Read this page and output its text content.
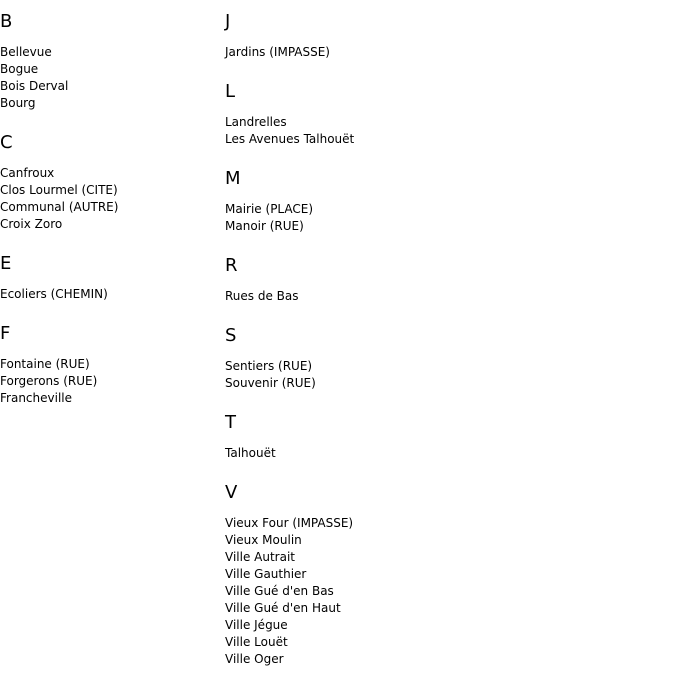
B
Bellevue
Bogue
Bois Derval
Bourg
C
Canfroux
Clos Lourmel (CITE)
Communal (AUTRE)
Croix Zoro
E
Ecoliers (CHEMIN)
F
Fontaine (RUE)
Forgerons (RUE)
Francheville
J
Jardins (IMPASSE)
L
Landrelles
Les Avenues Talhouët
M
Mairie (PLACE)
Manoir (RUE)
R
Rues de Bas
S
Sentiers (RUE)
Souvenir (RUE)
T
Talhouët
V
Vieux Four (IMPASSE)
Vieux Moulin
Ville Autrait
Ville Gauthier
Ville Gué d'en Bas
Ville Gué d'en Haut
Ville Jégue
Ville Louët
Ville Oger
